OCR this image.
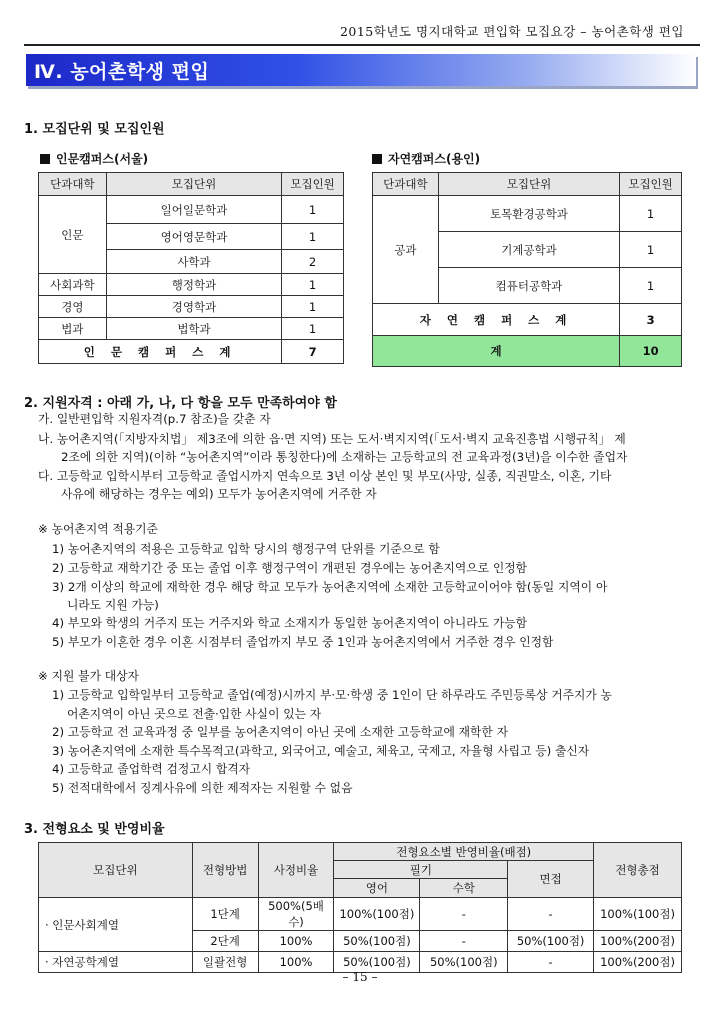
2015학년도 명지대학교 편입학 모집요강 – 농어촌학생 편입
Ⅳ. 농어촌학생 편입
1. 모집단위 및 모집인원
인문캠퍼스(서울)	자연캠퍼스(용인)
단과대학	모집단위	모집인원
인문	일어일문학과	1
	영어영문학과	1
	사학과	2
사회과학	행정학과	1
경영	경영학과	1
법과	법학과	1
인 문 캠 퍼 스 계		7
단과대학	모집단위	모집인원
공과	토목환경공학과	1
	기계공학과	1
	컴퓨터공학과	1
자 연 캠 퍼 스 계		3
계		10
2. 지원자격 : 아래 가, 나, 다 항을 모두 만족하여야 함
가. 일반편입학 지원자격(p.7 참조)을 갖춘 자
나. 농어촌지역(「지방자치법」 제3조에 의한 읍·면 지역) 또는 도서·벽지지역(「도서·벽지 교육진흥법 시행규칙」 제
2조에 의한 지역)(이하 “농어촌지역”이라 통칭한다)에 소재하는 고등학교의 전 교육과정(3년)을 이수한 졸업자
다. 고등학교 입학시부터 고등학교 졸업시까지 연속으로 3년 이상 본인 및 부모(사망, 실종, 직권말소, 이혼, 기타
사유에 해당하는 경우는 예외) 모두가 농어촌지역에 거주한 자
※ 농어촌지역 적용기준
1) 농어촌지역의 적용은 고등학교 입학 당시의 행정구역 단위를 기준으로 함
2) 고등학교 재학기간 중 또는 졸업 이후 행정구역이 개편된 경우에는 농어촌지역으로 인정함
3) 2개 이상의 학교에 재학한 경우 해당 학교 모두가 농어촌지역에 소재한 고등학교이어야 함(동일 지역이 아
니라도 지원 가능)
4) 부모와 학생의 거주지 또는 거주지와 학교 소재지가 동일한 농어촌지역이 아니라도 가능함
5) 부모가 이혼한 경우 이혼 시점부터 졸업까지 부모 중 1인과 농어촌지역에서 거주한 경우 인정함
※ 지원 불가 대상자
1) 고등학교 입학일부터 고등학교 졸업(예정)시까지 부·모·학생 중 1인이 단 하루라도 주민등록상 거주지가 농
어촌지역이 아닌 곳으로 전출·입한 사실이 있는 자
2) 고등학교 전 교육과정 중 일부를 농어촌지역이 아닌 곳에 소재한 고등학교에 재학한 자
3) 농어촌지역에 소재한 특수목적고(과학고, 외국어고, 예술고, 체육고, 국제고, 자율형 사립고 등) 출신자
4) 고등학교 졸업학력 검정고시 합격자
5) 전적대학에서 징계사유에 의한 제적자는 지원할 수 없음
3. 전형요소 및 반영비율
모집단위	전형방법	사정비율	전형요소별 반영비율(배점)			전형총점
			필기		면접	
			영어	수학		
· 인문사회계열	1단계	500%(5배수)	100%(100점)	-	-	100%(100점)
	2단계	100%	50%(100점)	-	50%(100점)	100%(200점)
· 자연공학계열	일괄전형	100%	50%(100점)	50%(100점)	-	100%(200점)
– 15 –
